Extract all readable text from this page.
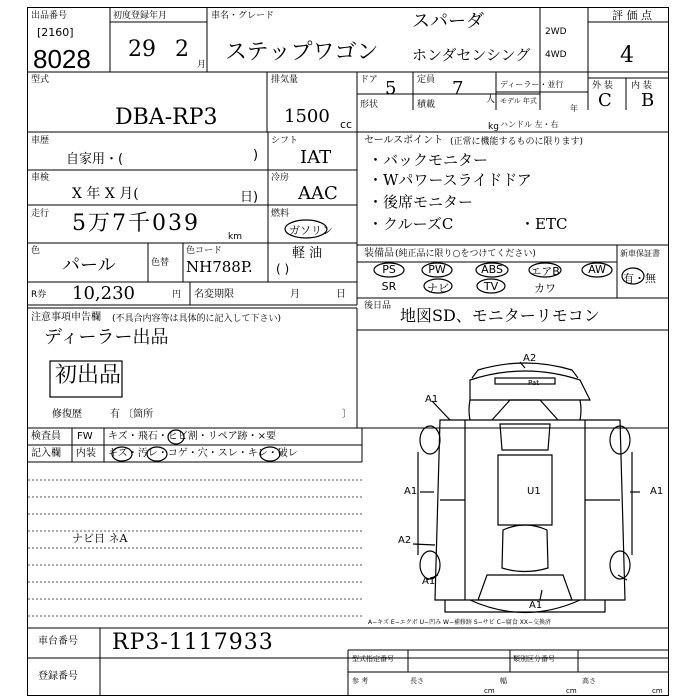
出品番号
[2160]
8028
初度登録年月
29 2
月
車名・グレード
ステップワゴン
スパーダ
ホンダセンシング
2WD
4WD
評 価 点
4
外 装 内 装
C B
型式
DBA-RP3
排気量
1500 cc
ドア 5 定員 7
人
形状	積載
kg
ディーラー・並行
モデル 年式
年
ハンドル 左・右
車歴
自家用・(	)
シフト
IAT
車検
X 年 X 月(	日)
冷房
AAC
走行 5万7千039
km
燃料
ガソリン
軽 油
( )
色
パール	色替
色コード
NH788P.
R券 10,230	円 名変期限	月	日
注意事項申告欄 (不具合内容等は具体的に記入して下さい)
ディーラー出品
初出品
修復歴	有 〔箇所	〕
セールスポイント (正常に機能するものに限ります)
・バックモニター
・Wパワースライドドア
・後席モニター
・クルーズC	・ETC
装備品 (純正品に限り○をつけてください)	新車保証書
有・無
PS	PW	ABS	エアB	AW
SR	ナビ	TV	カワ
後日品 地図SD、モニターリモコン
検査員
記入欄
FW
内装
キズ・飛石・ヒビ割・リペア跡・×要
キズ・汚レ・コゲ・穴・スレ・キレ・破レ
ナビ日 ネA
A2
A1
A1	A1
U1
A2
A1
A1
Pat
A−キズ E−エクボ U−凹み W−補修跡 S−サビ C−腐食 XX−交換済
車台番号 RP3-1117933
登録番号
型式指定番号	類別区分番号
参 考	長さ
cm
幅
cm
高さ
cm
